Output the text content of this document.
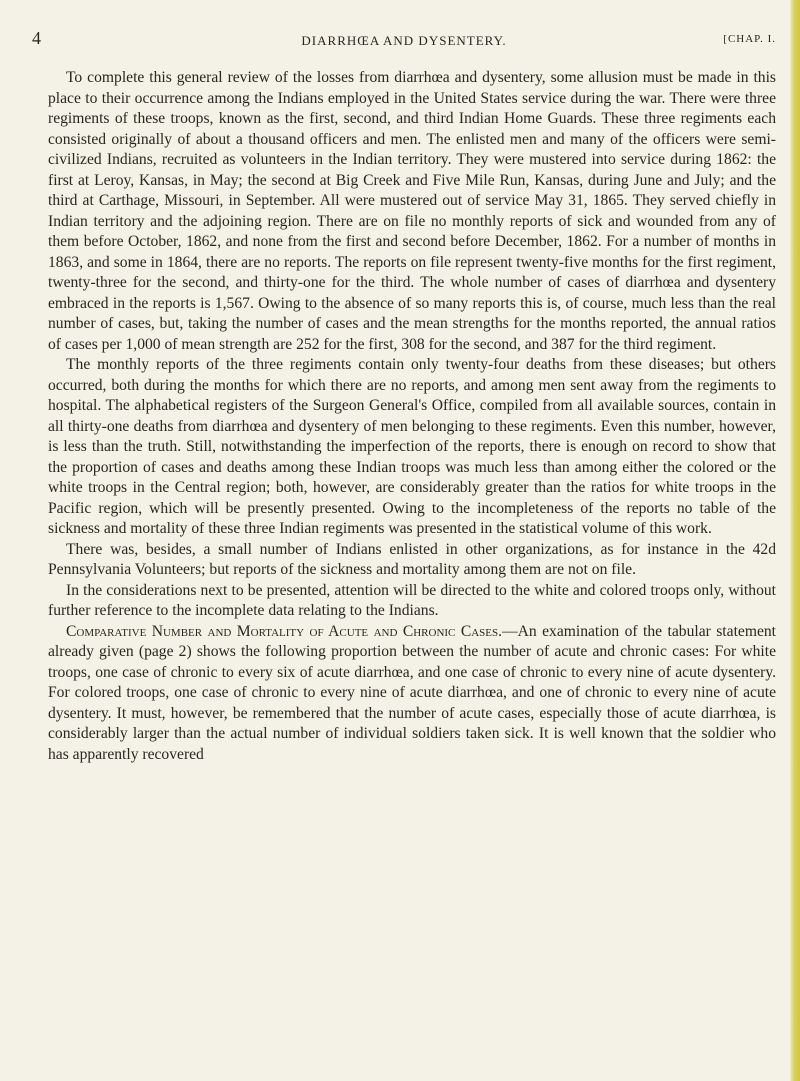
4	DIARRHŒA AND DYSENTERY.	[CHAP. I.

To complete this general review of the losses from diarrhœa and dysentery, some allusion must be made in this place to their occurrence among the Indians employed in the United States service during the war. There were three regiments of these troops, known as the first, second, and third Indian Home Guards. These three regiments each consisted originally of about a thousand officers and men. The enlisted men and many of the officers were semi-civilized Indians, recruited as volunteers in the Indian territory. They were mustered into service during 1862: the first at Leroy, Kansas, in May; the second at Big Creek and Five Mile Run, Kansas, during June and July; and the third at Carthage, Missouri, in September. All were mustered out of service May 31, 1865. They served chiefly in Indian territory and the adjoining region. There are on file no monthly reports of sick and wounded from any of them before October, 1862, and none from the first and second before December, 1862. For a number of months in 1863, and some in 1864, there are no reports. The reports on file represent twenty-five months for the first regiment, twenty-three for the second, and thirty-one for the third. The whole number of cases of diarrhœa and dysentery embraced in the reports is 1,567. Owing to the absence of so many reports this is, of course, much less than the real number of cases, but, taking the number of cases and the mean strengths for the months reported, the annual ratios of cases per 1,000 of mean strength are 252 for the first, 308 for the second, and 387 for the third regiment.

The monthly reports of the three regiments contain only twenty-four deaths from these diseases; but others occurred, both during the months for which there are no reports, and among men sent away from the regiments to hospital. The alphabetical registers of the Surgeon General's Office, compiled from all available sources, contain in all thirty-one deaths from diarrhœa and dysentery of men belonging to these regiments. Even this number, however, is less than the truth. Still, notwithstanding the imperfection of the reports, there is enough on record to show that the proportion of cases and deaths among these Indian troops was much less than among either the colored or the white troops in the Central region; both, however, are considerably greater than the ratios for white troops in the Pacific region, which will be presently presented. Owing to the incompleteness of the reports no table of the sickness and mortality of these three Indian regiments was presented in the statistical volume of this work.

There was, besides, a small number of Indians enlisted in other organizations, as for instance in the 42d Pennsylvania Volunteers; but reports of the sickness and mortality among them are not on file.

In the considerations next to be presented, attention will be directed to the white and colored troops only, without further reference to the incomplete data relating to the Indians.

Comparative Number and Mortality of Acute and Chronic Cases.—An examination of the tabular statement already given (page 2) shows the following proportion between the number of acute and chronic cases: For white troops, one case of chronic to every six of acute diarrhœa, and one case of chronic to every nine of acute dysentery. For colored troops, one case of chronic to every nine of acute diarrhœa, and one of chronic to every nine of acute dysentery. It must, however, be remembered that the number of acute cases, especially those of acute diarrhœa, is considerably larger than the actual number of individual soldiers taken sick. It is well known that the soldier who has apparently recovered
